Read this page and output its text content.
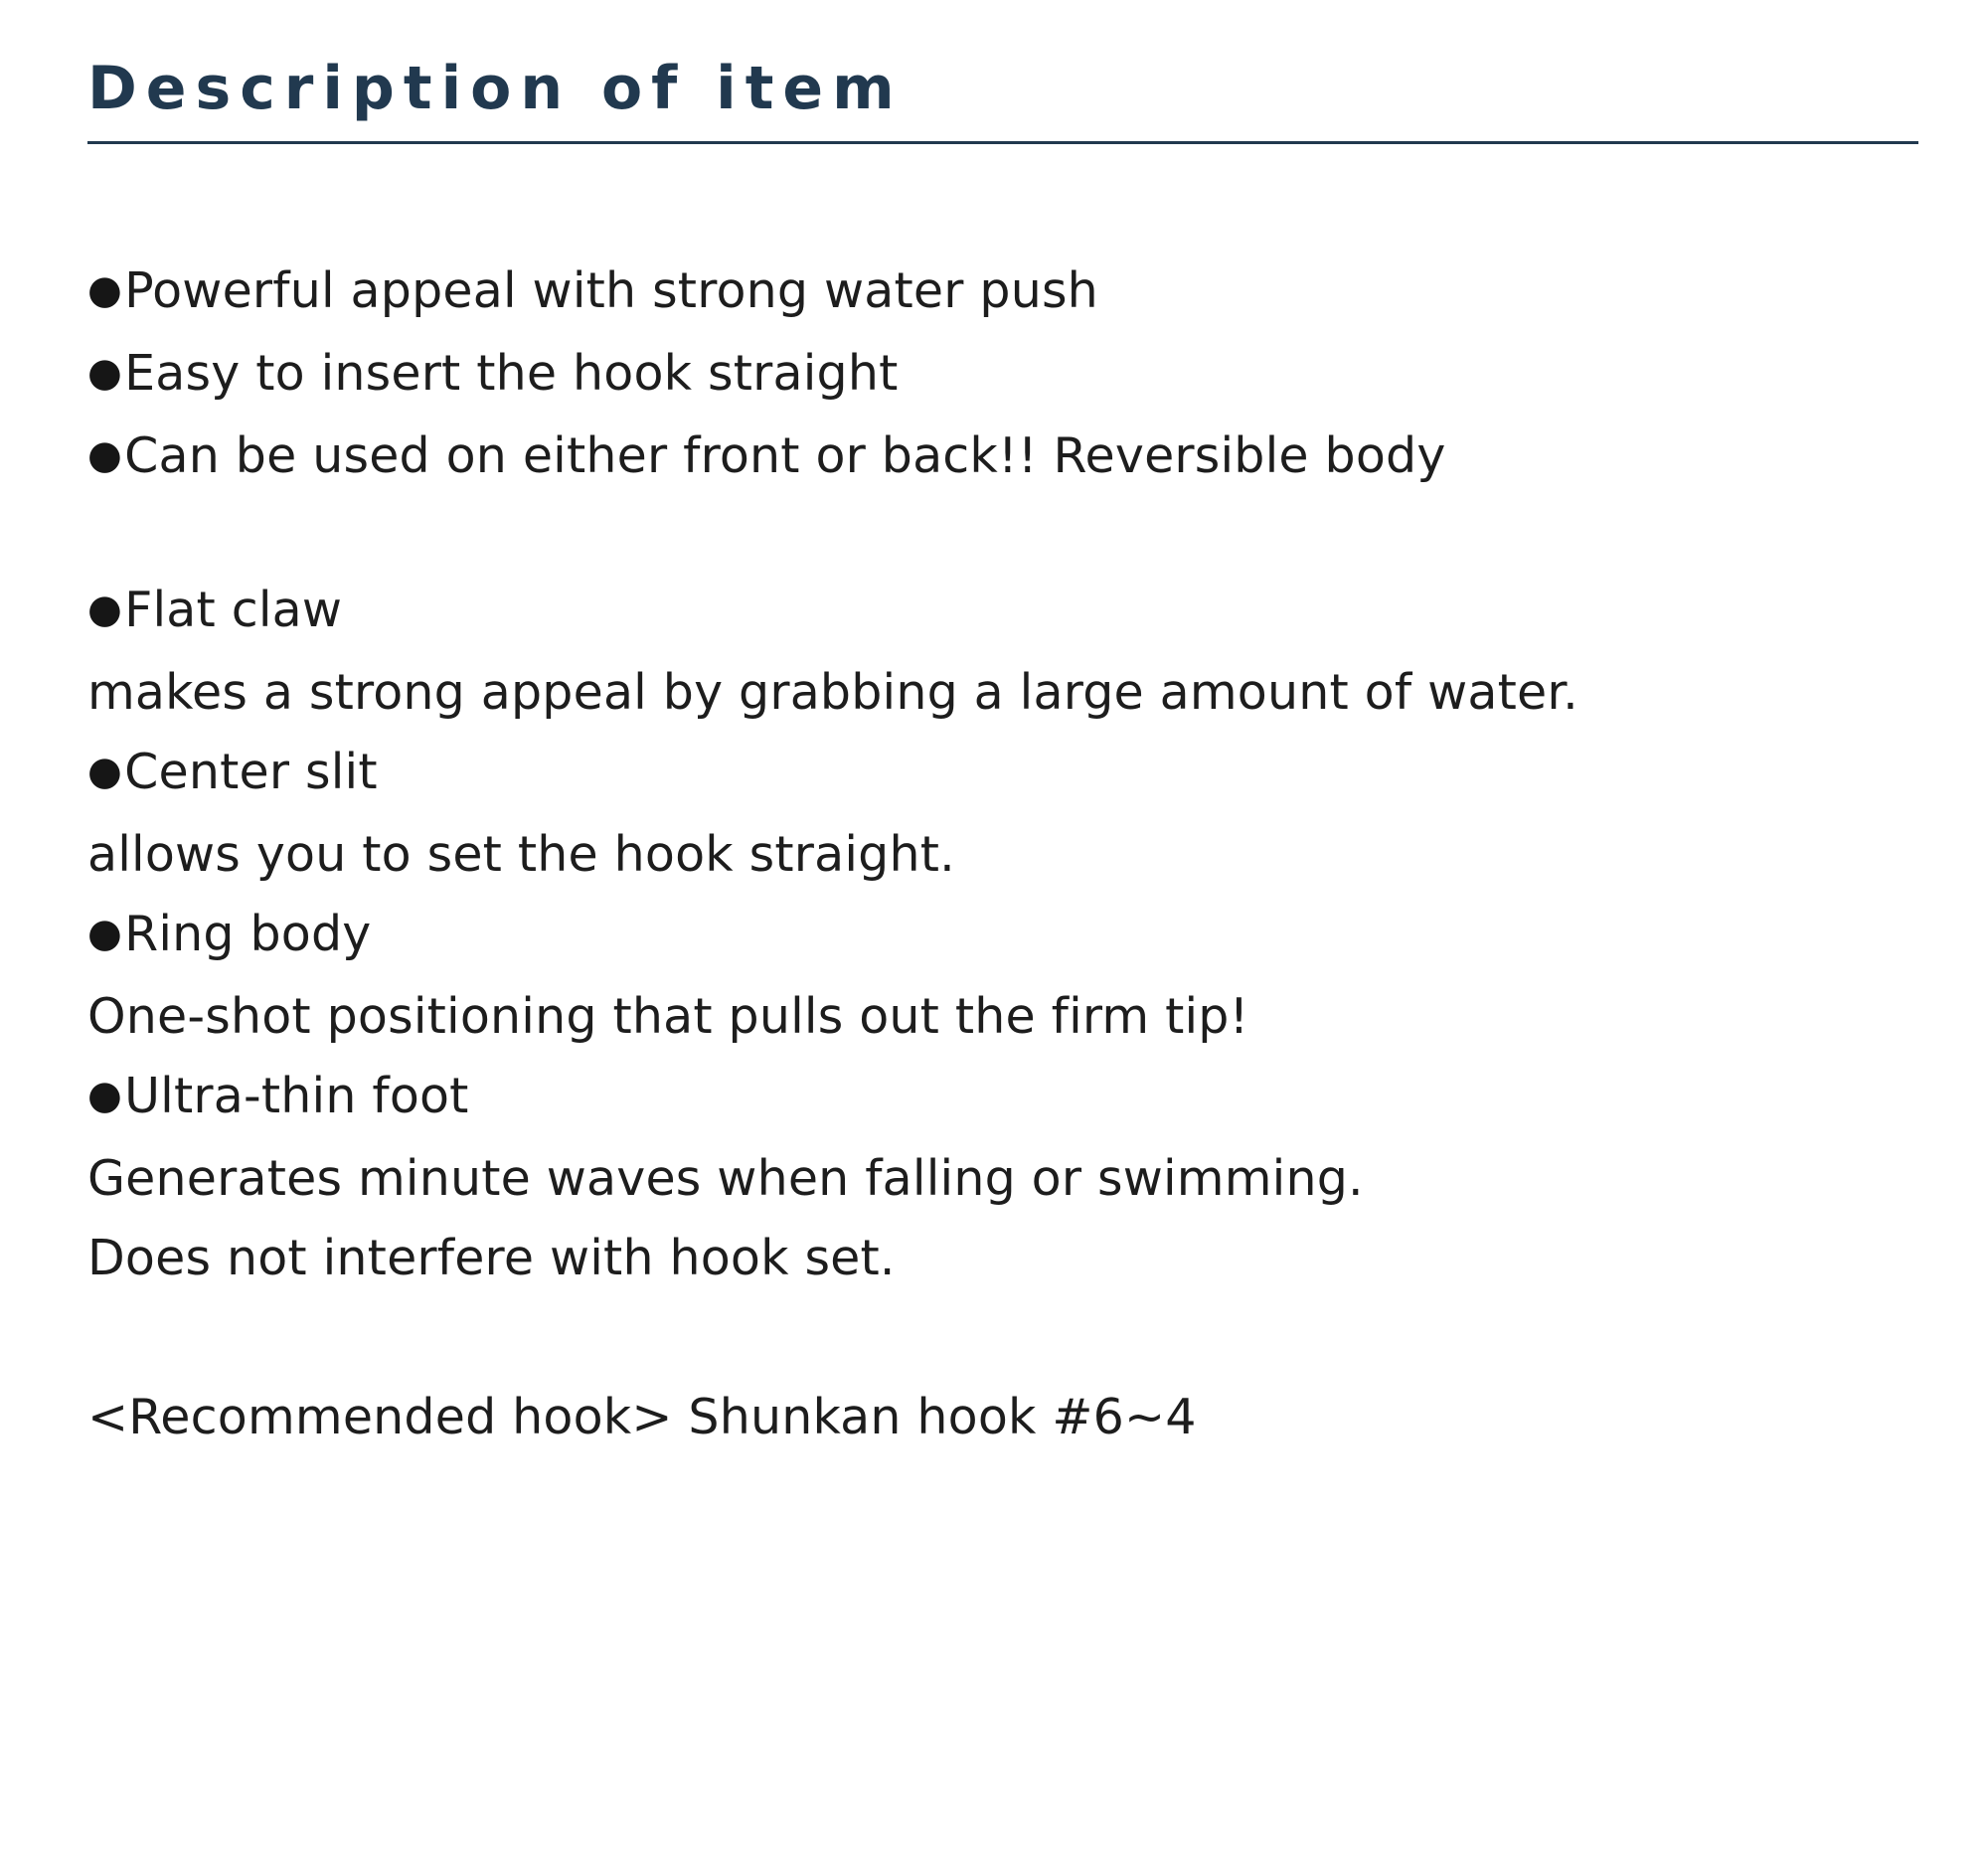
Description of item
● Powerful appeal with strong water push
● Easy to insert the hook straight
● Can be used on either front or back!! Reversible body
● Flat claw
makes a strong appeal by grabbing a large amount of water.
● Center slit
allows you to set the hook straight.
● Ring body
One-shot positioning that pulls out the firm tip!
● Ultra-thin foot
Generates minute waves when falling or swimming.
Does not interfere with hook set.
<Recommended hook> Shunkan hook #6~4
